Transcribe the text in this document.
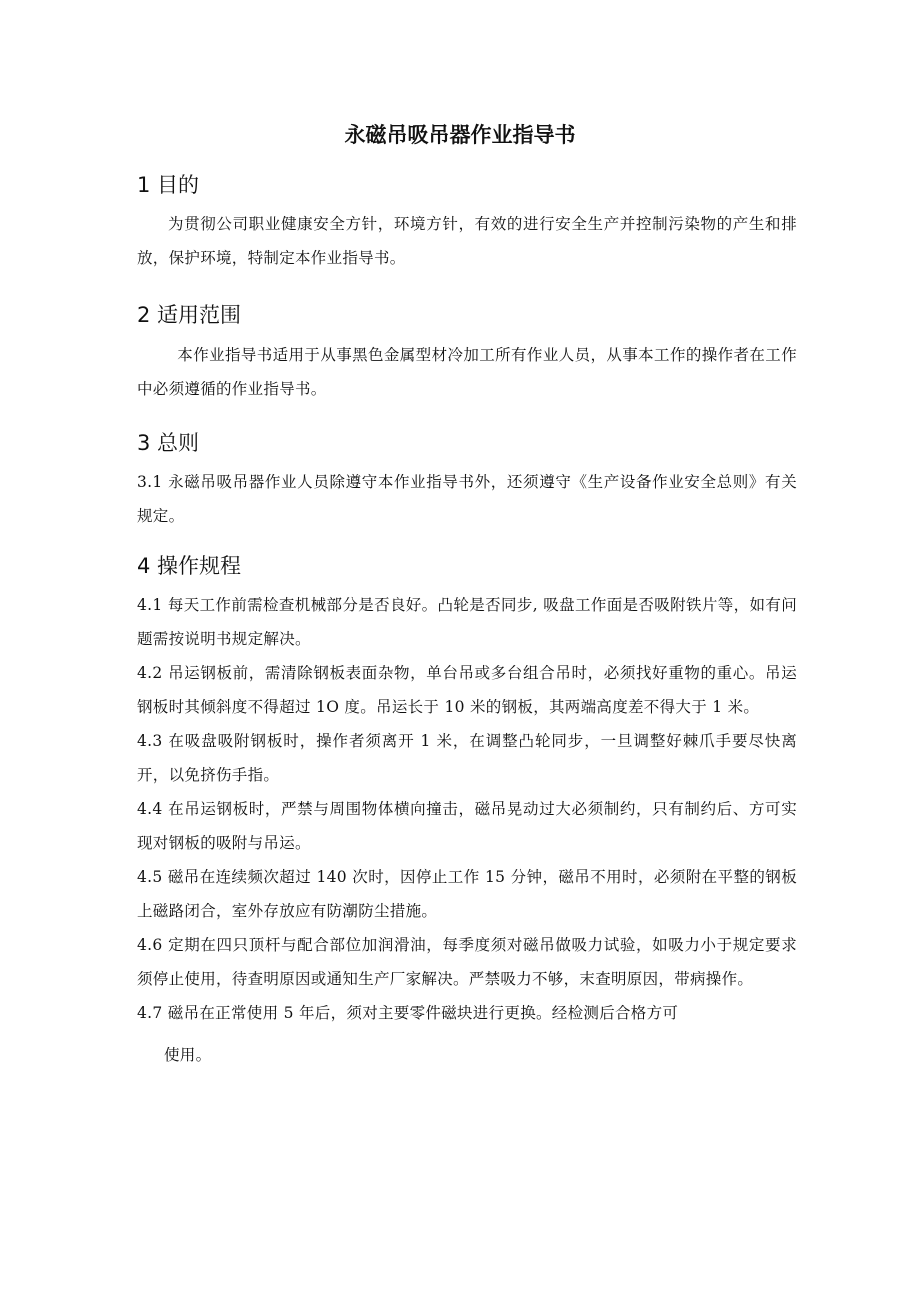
永磁吊吸吊器作业指导书
1 目的

为贯彻公司职业健康安全方针，环境方针，有效的进行安全生产并控制污染物的产生和排放，保护环境，特制定本作业指导书。

2 适用范围

本作业指导书适用于从事黑色金属型材冷加工所有作业人员，从事本工作的操作者在工作中必须遵循的作业指导书。

3 总则

3.1 永磁吊吸吊器作业人员除遵守本作业指导书外，还须遵守《生产设备作业安全总则》有关规定。

4 操作规程

4.1 每天工作前需检查机械部分是否良好。凸轮是否同步, 吸盘工作面是否吸附铁片等，如有问题需按说明书规定解决。

4.2 吊运钢板前，需清除钢板表面杂物，单台吊或多台组合吊时，必须找好重物的重心。吊运钢板时其倾斜度不得超过 1O 度。吊运长于 10 米的钢板，其两端高度差不得大于 1 米。

4.3 在吸盘吸附钢板时，操作者须离开 1 米，在调整凸轮同步，一旦调整好棘爪手要尽快离开，以免挤伤手指。

4.4 在吊运钢板时，严禁与周围物体横向撞击，磁吊晃动过大必须制约，只有制约后、方可实现对钢板的吸附与吊运。

4.5 磁吊在连续频次超过 140 次时，因停止工作 15 分钟，磁吊不用时，必须附在平整的钢板上磁路闭合，室外存放应有防潮防尘措施。

4.6 定期在四只顶杆与配合部位加润滑油，每季度须对磁吊做吸力试验，如吸力小于规定要求须停止使用，待查明原因或通知生产厂家解决。严禁吸力不够，末查明原因，带病操作。

4.7 磁吊在正常使用 5 年后，须对主要零件磁块进行更换。经检测后合格方可

使用。
